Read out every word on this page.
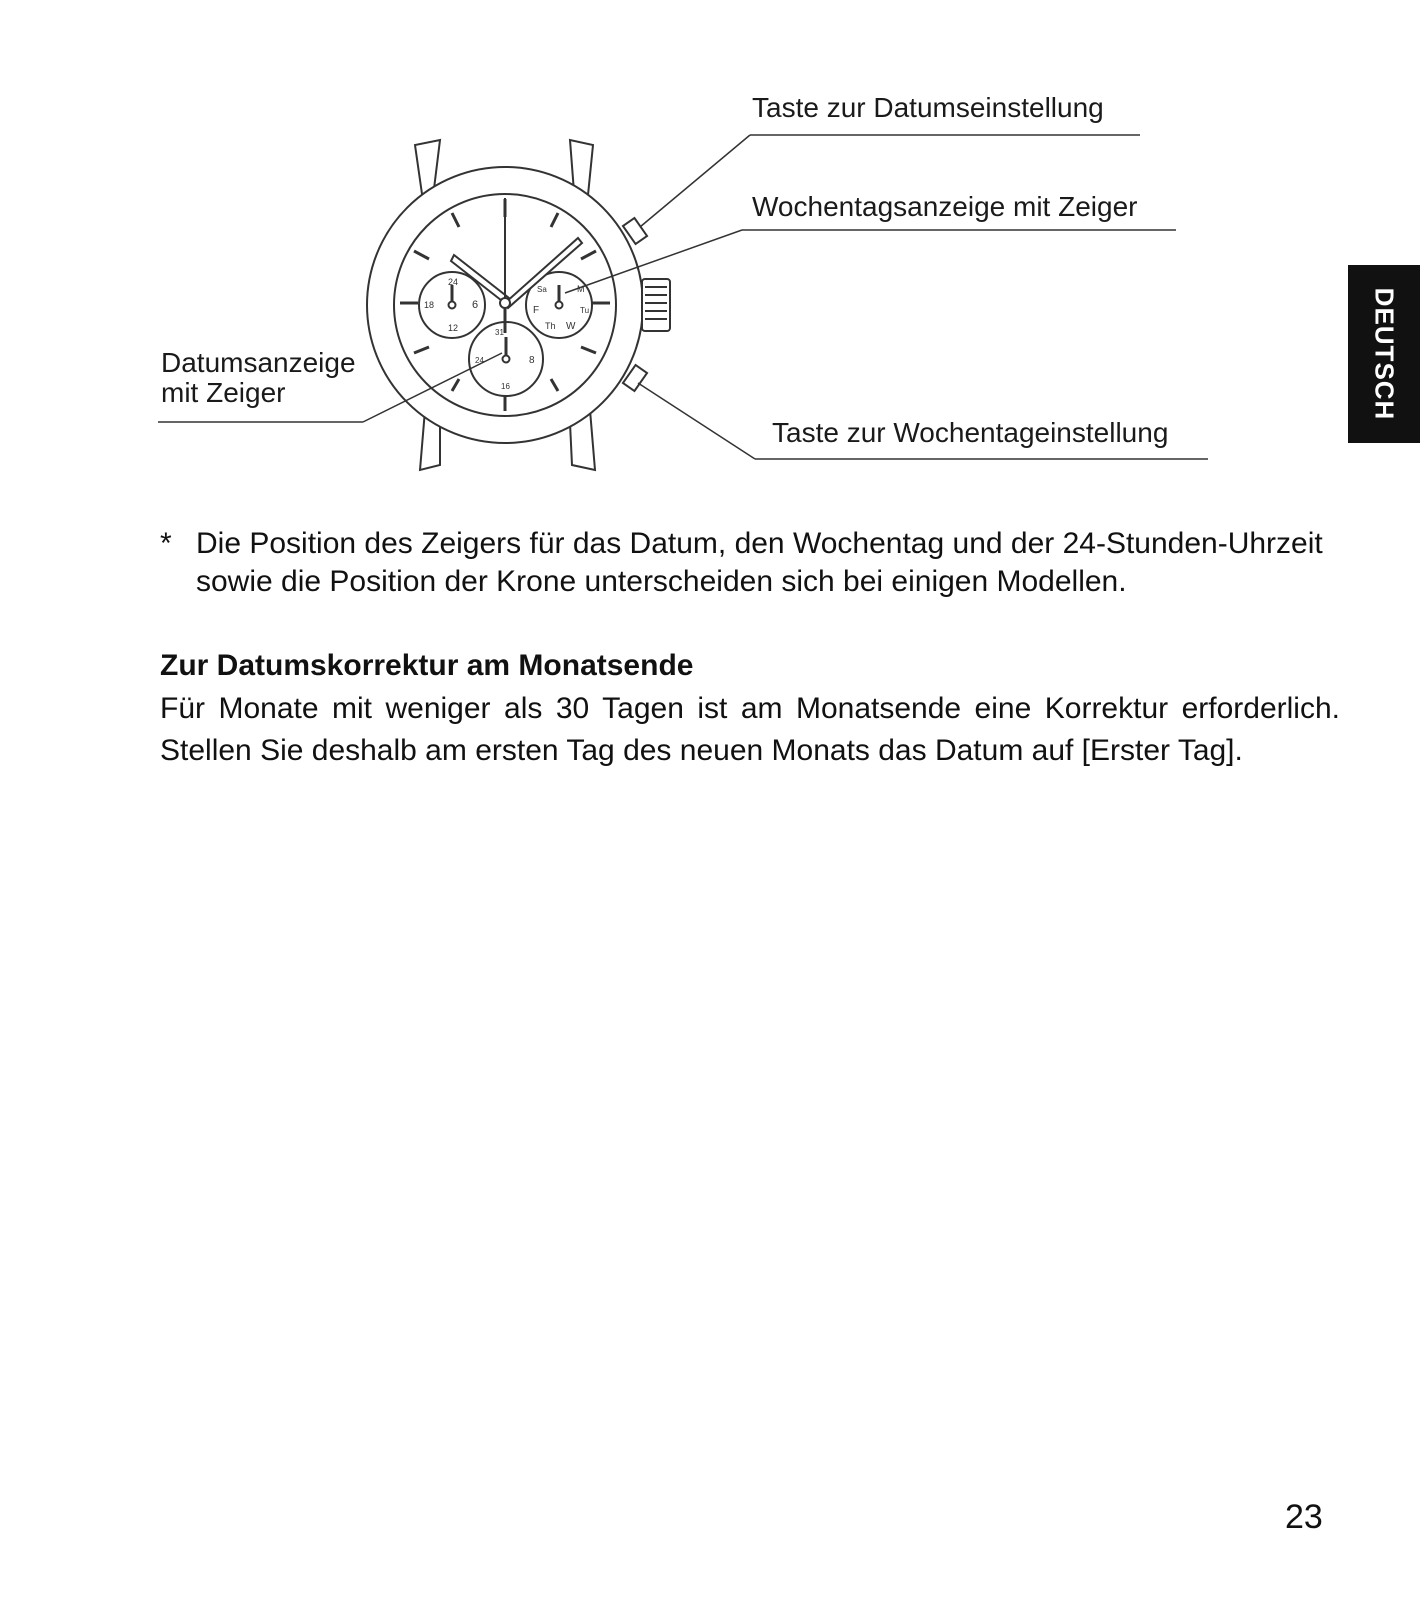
24
18	6
12
Sa	M
F	Tu
Th W
31
24	8
16
Taste zur Datumseinstellung
Wochentagsanzeige mit Zeiger
Datumsanzeige mit Zeiger
Taste zur Wochentageinstellung
DEUTSCH
* Die Position des Zeigers für das Datum, den Wochentag und der 24-Stunden-Uhrzeit sowie die Position der Krone unterscheiden sich bei einigen Modellen.
Zur Datumskorrektur am Monatsende
Für Monate mit weniger als 30 Tagen ist am Monatsende eine Korrektur erforderlich. Stellen Sie deshalb am ersten Tag des neuen Monats das Datum auf [Erster Tag].
23
